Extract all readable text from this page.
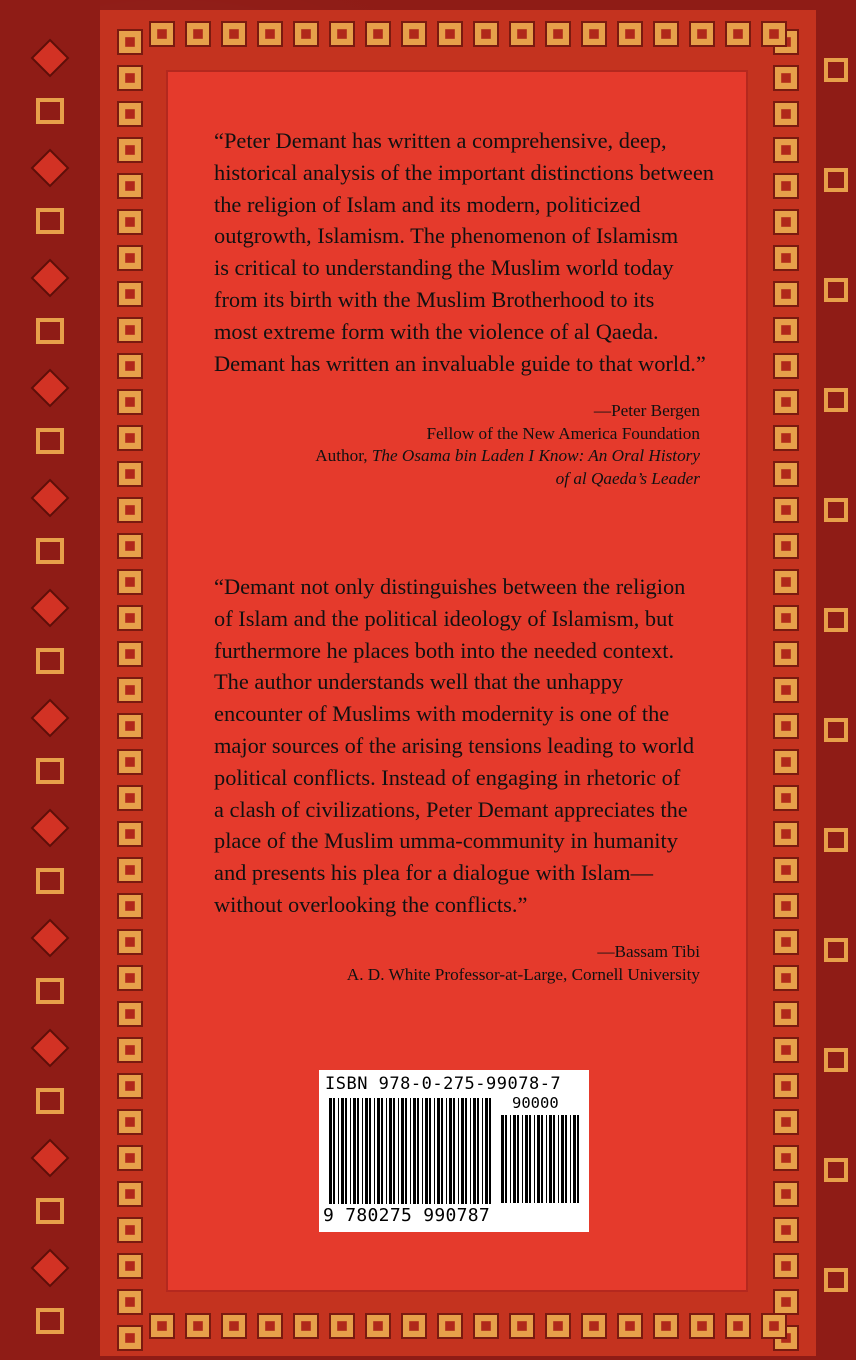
“Peter Demant has written a comprehensive, deep,
historical analysis of the important distinctions between
the religion of Islam and its modern, politicized
outgrowth, Islamism. The phenomenon of Islamism
is critical to understanding the Muslim world today
from its birth with the Muslim Brotherhood to its
most extreme form with the violence of al Qaeda.
Demant has written an invaluable guide to that world.”

—Peter Bergen
Fellow of the New America Foundation
Author, The Osama bin Laden I Know: An Oral History
of al Qaeda’s Leader

“Demant not only distinguishes between the religion
of Islam and the political ideology of Islamism, but
furthermore he places both into the needed context.
The author understands well that the unhappy
encounter of Muslims with modernity is one of the
major sources of the arising tensions leading to world
political conflicts. Instead of engaging in rhetoric of
a clash of civilizations, Peter Demant appreciates the
place of the Muslim umma-community in humanity
and presents his plea for a dialogue with Islam—
without overlooking the conflicts.”

—Bassam Tibi
A. D. White Professor-at-Large, Cornell University
ISBN 978-0-275-99078-7
90000
9 780275 990787
